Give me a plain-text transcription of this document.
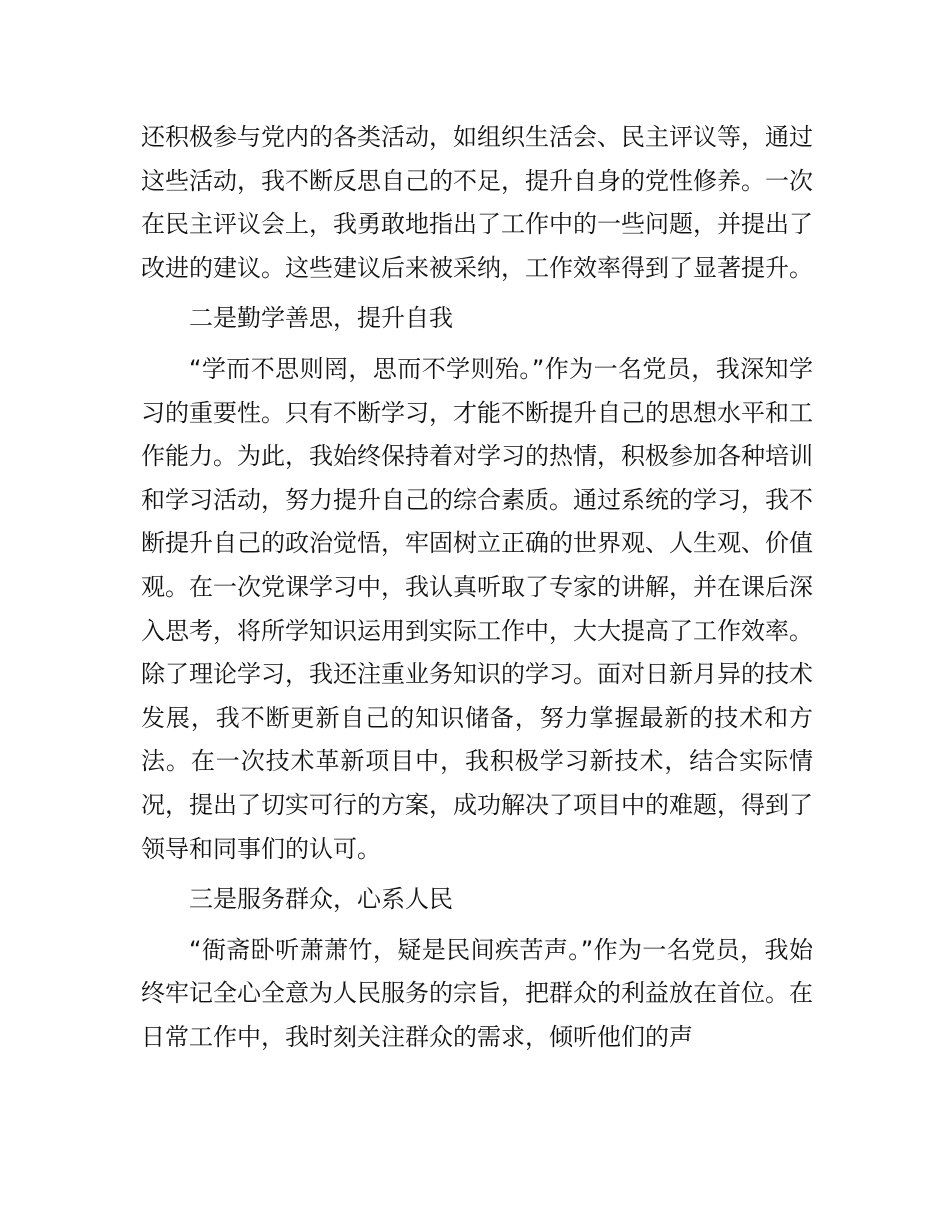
还积极参与党内的各类活动，如组织生活会、民主评议等，通过这些活动，我不断反思自己的不足，提升自身的党性修养。一次在民主评议会上，我勇敢地指出了工作中的一些问题，并提出了改进的建议。这些建议后来被采纳，工作效率得到了显著提升。

二是勤学善思，提升自我

“学而不思则罔，思而不学则殆。”作为一名党员，我深知学习的重要性。只有不断学习，才能不断提升自己的思想水平和工作能力。为此，我始终保持着对学习的热情，积极参加各种培训和学习活动，努力提升自己的综合素质。通过系统的学习，我不断提升自己的政治觉悟，牢固树立正确的世界观、人生观、价值观。在一次党课学习中，我认真听取了专家的讲解，并在课后深入思考，将所学知识运用到实际工作中，大大提高了工作效率。除了理论学习，我还注重业务知识的学习。面对日新月异的技术发展，我不断更新自己的知识储备，努力掌握最新的技术和方法。在一次技术革新项目中，我积极学习新技术，结合实际情况，提出了切实可行的方案，成功解决了项目中的难题，得到了领导和同事们的认可。

三是服务群众，心系人民

“衙斋卧听萧萧竹，疑是民间疾苦声。”作为一名党员，我始终牢记全心全意为人民服务的宗旨，把群众的利益放在首位。在日常工作中，我时刻关注群众的需求，倾听他们的声
